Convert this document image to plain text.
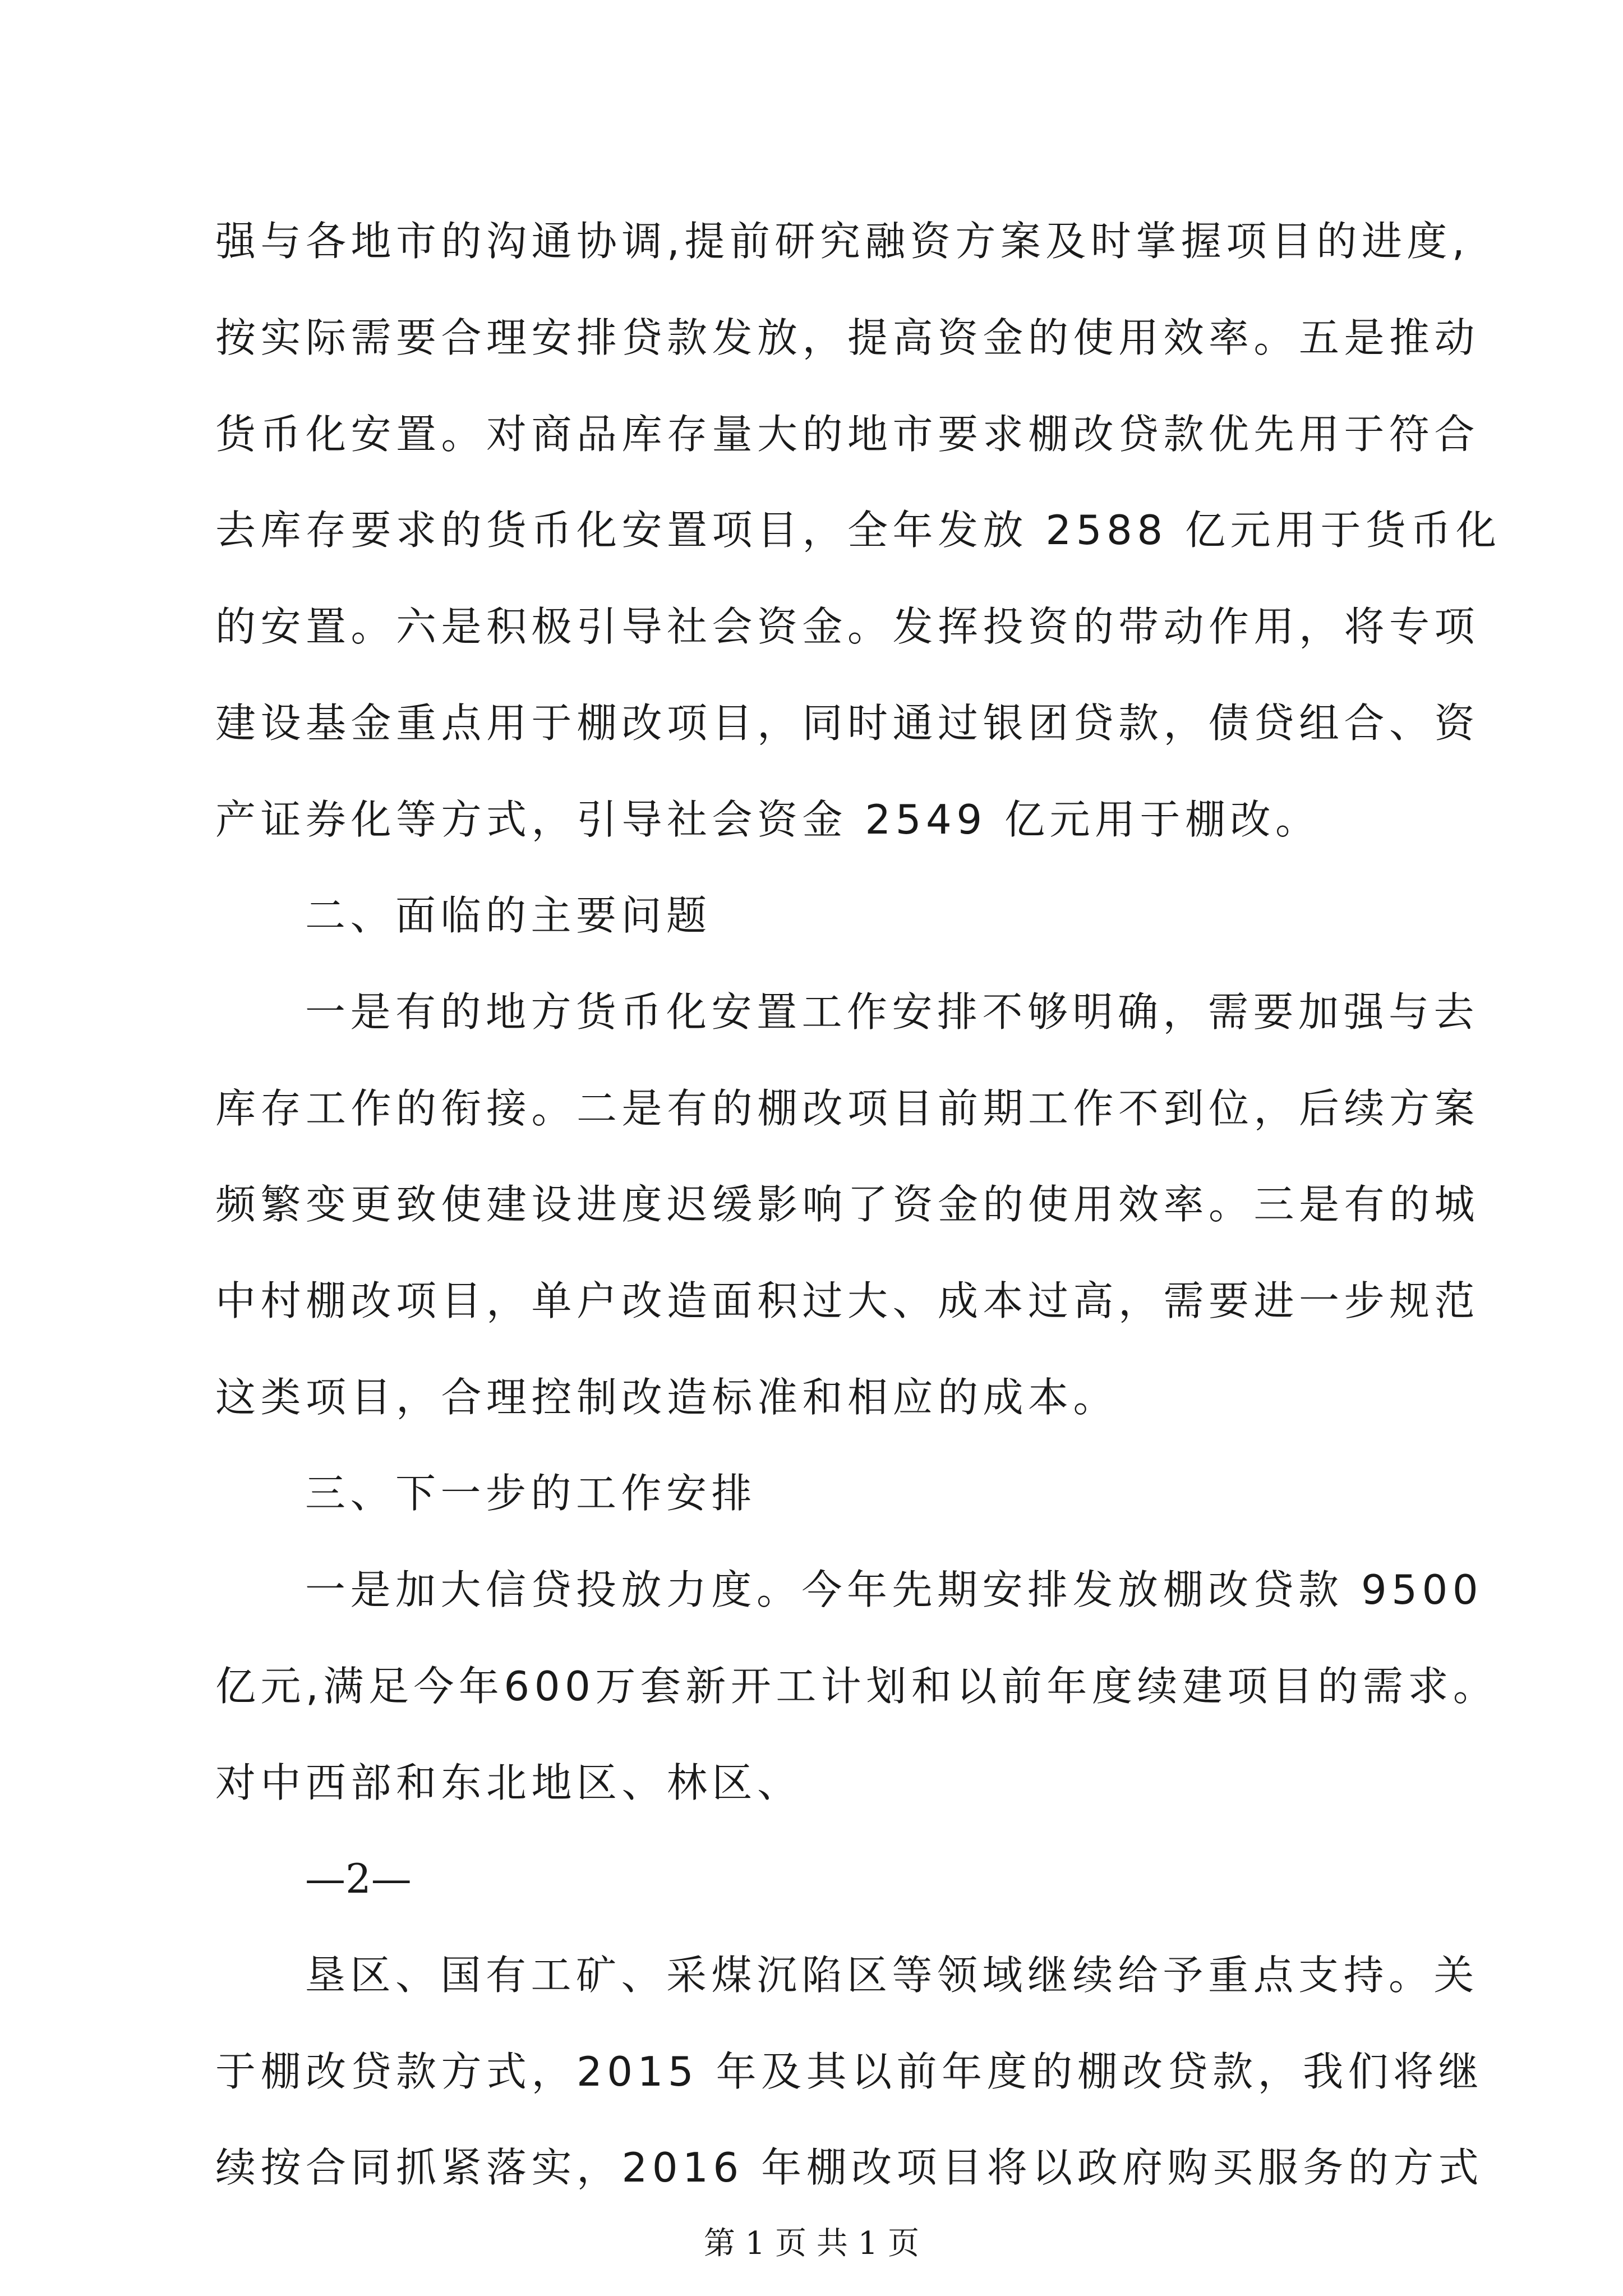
强与各地市的沟通协调,提前研究融资方案及时掌握项目的进度,
按实际需要合理安排贷款发放，提高资金的使用效率。五是推动
货币化安置。对商品库存量大的地市要求棚改贷款优先用于符合
去库存要求的货币化安置项目，全年发放 2588 亿元用于货币化
的安置。六是积极引导社会资金。发挥投资的带动作用，将专项
建设基金重点用于棚改项目，同时通过银团贷款，债贷组合、资
产证券化等方式，引导社会资金 2549 亿元用于棚改。
二、面临的主要问题
一是有的地方货币化安置工作安排不够明确，需要加强与去
库存工作的衔接。二是有的棚改项目前期工作不到位，后续方案
频繁变更致使建设进度迟缓影响了资金的使用效率。三是有的城
中村棚改项目，单户改造面积过大、成本过高，需要进一步规范
这类项目，合理控制改造标准和相应的成本。
三、下一步的工作安排
一是加大信贷投放力度。今年先期安排发放棚改贷款 9500
亿元,满足今年600万套新开工计划和以前年度续建项目的需求。
对中西部和东北地区、林区、
—2—
垦区、国有工矿、采煤沉陷区等领域继续给予重点支持。关
于棚改贷款方式，2015 年及其以前年度的棚改贷款，我们将继
续按合同抓紧落实，2016 年棚改项目将以政府购买服务的方式
第 1 页 共 1 页
